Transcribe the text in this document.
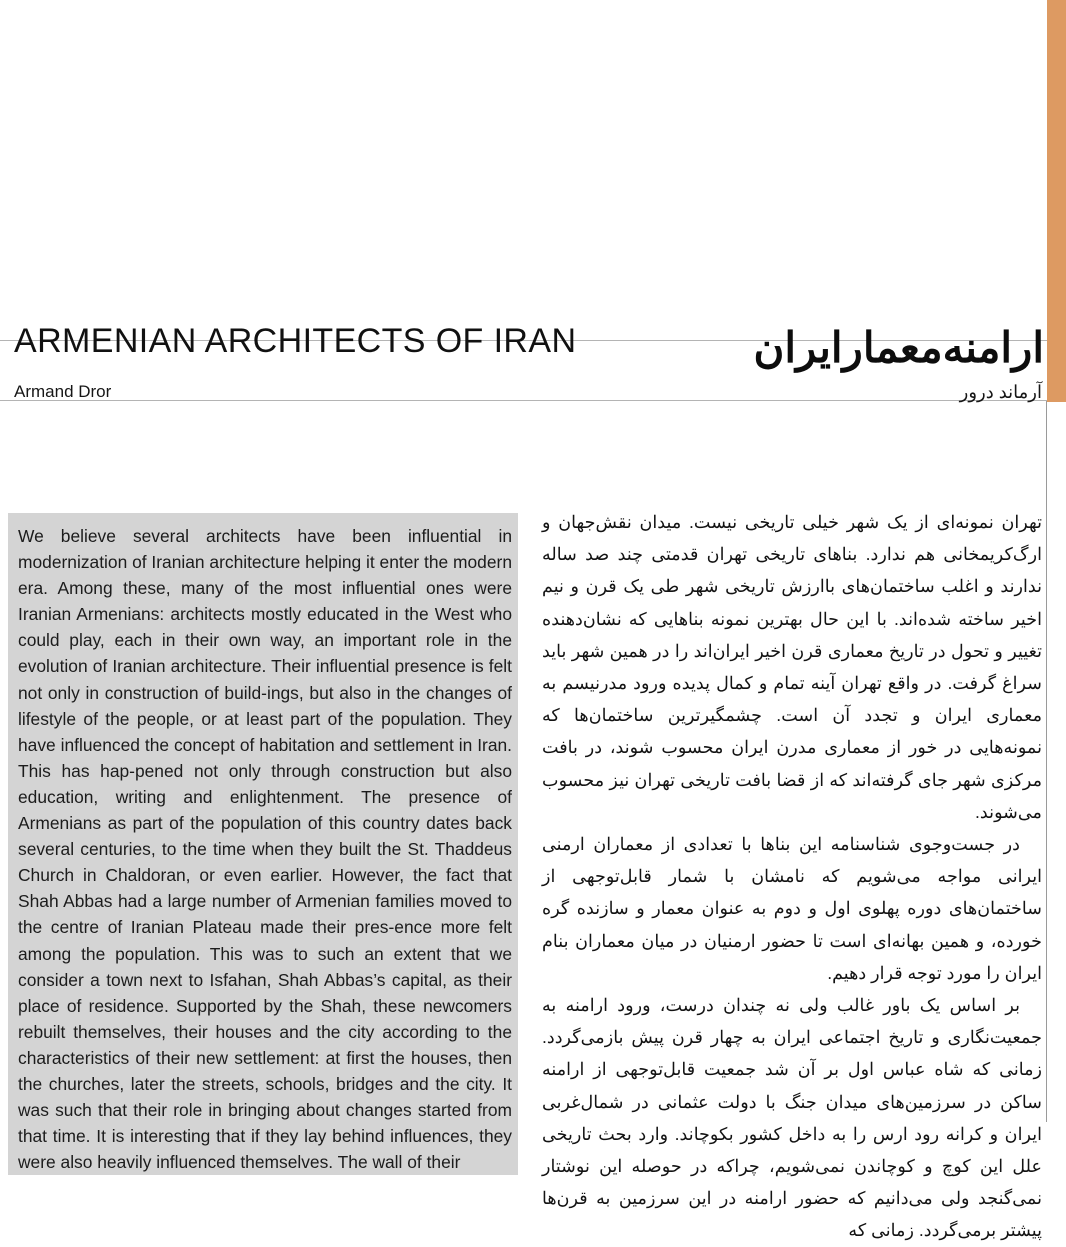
ARMENIAN ARCHITECTS OF IRAN	ارامنه‌معمارایران
Armand Dror	آرماند درور

We believe several architects have been influential in modernization of Iranian architecture helping it enter the modern era. Among these, many of the most influential ones were Iranian Armenians: architects mostly educated in the West who could play, each in their own way, an important role in the evolution of Iranian architecture. Their influential presence is felt not only in construction of build-ings, but also in the changes of lifestyle of the people, or at least part of the population. They have influenced the concept of habitation and settlement in Iran. This has hap-pened not only through construction but also education, writing and enlightenment. The presence of Armenians as part of the population of this country dates back several centuries, to the time when they built the St. Thaddeus Church in Chaldoran, or even earlier. However, the fact that Shah Abbas had a large number of Armenian families moved to the centre of Iranian Plateau made their pres-ence more felt among the population. This was to such an extent that we consider a town next to Isfahan, Shah Abbas’s capital, as their place of residence. Supported by the Shah, these newcomers rebuilt themselves, their houses and the city according to the characteristics of their new settlement: at first the houses, then the churches, later the streets, schools, bridges and the city. It was such that their role in bringing about changes started from that time. It is interesting that if they lay behind influences, they were also heavily influenced themselves. The wall of their

تهران نمونه‌ای از یک شهر خیلی تاریخی نیست. میدان نقش‌جهان و ارگ‌کریمخانی هم ندارد. بناهای تاریخی تهران قدمتی چند صد ساله ندارند و اغلب ساختمان‌های باارزش تاریخی شهر طی یک قرن و نیم اخیر ساخته شده‌اند. با این حال بهترین نمونه بناهایی که نشان‌دهنده تغییر و تحول در تاریخ معماری قرن اخیر ایران‌اند را در همین شهر باید سراغ گرفت. در واقع تهران آینه تمام و کمال پدیده ورود مدرنیسم به معماری ایران و تجدد آن است. چشمگیرترین ساختمان‌ها که نمونه‌هایی در خور از معماری مدرن ایران محسوب شوند، در بافت مرکزی شهر جای گرفته‌اند که از قضا بافت تاریخی تهران نیز محسوب می‌شوند.

در جست‌وجوی شناسنامه این بناها با تعدادی از معماران ارمنی ایرانی مواجه می‌شویم که نامشان با شمار قابل‌توجهی از ساختمان‌های دوره پهلوی اول و دوم به عنوان معمار و سازنده گره خورده، و همین بهانه‌ای است تا حضور ارمنیان در میان معماران بنام ایران را مورد توجه قرار دهیم.

بر اساس یک باور غالب ولی نه چندان درست، ورود ارامنه به جمعیت‌نگاری و تاریخ اجتماعی ایران به چهار قرن پیش بازمی‌گردد. زمانی که شاه عباس اول بر آن شد جمعیت قابل‌توجهی از ارامنه ساکن در سرزمین‌های میدان جنگ با دولت عثمانی در شمال‌غربی ایران و کرانه رود ارس را به داخل کشور بکوچاند. وارد بحث تاریخی علل این کوچ و کوچاندن نمی‌شویم، چراکه در حوصله این نوشتار نمی‌گنجد ولی می‌دانیم که حضور ارامنه در این سرزمین به قرن‌ها پیشتر برمی‌گردد. زمانی که
